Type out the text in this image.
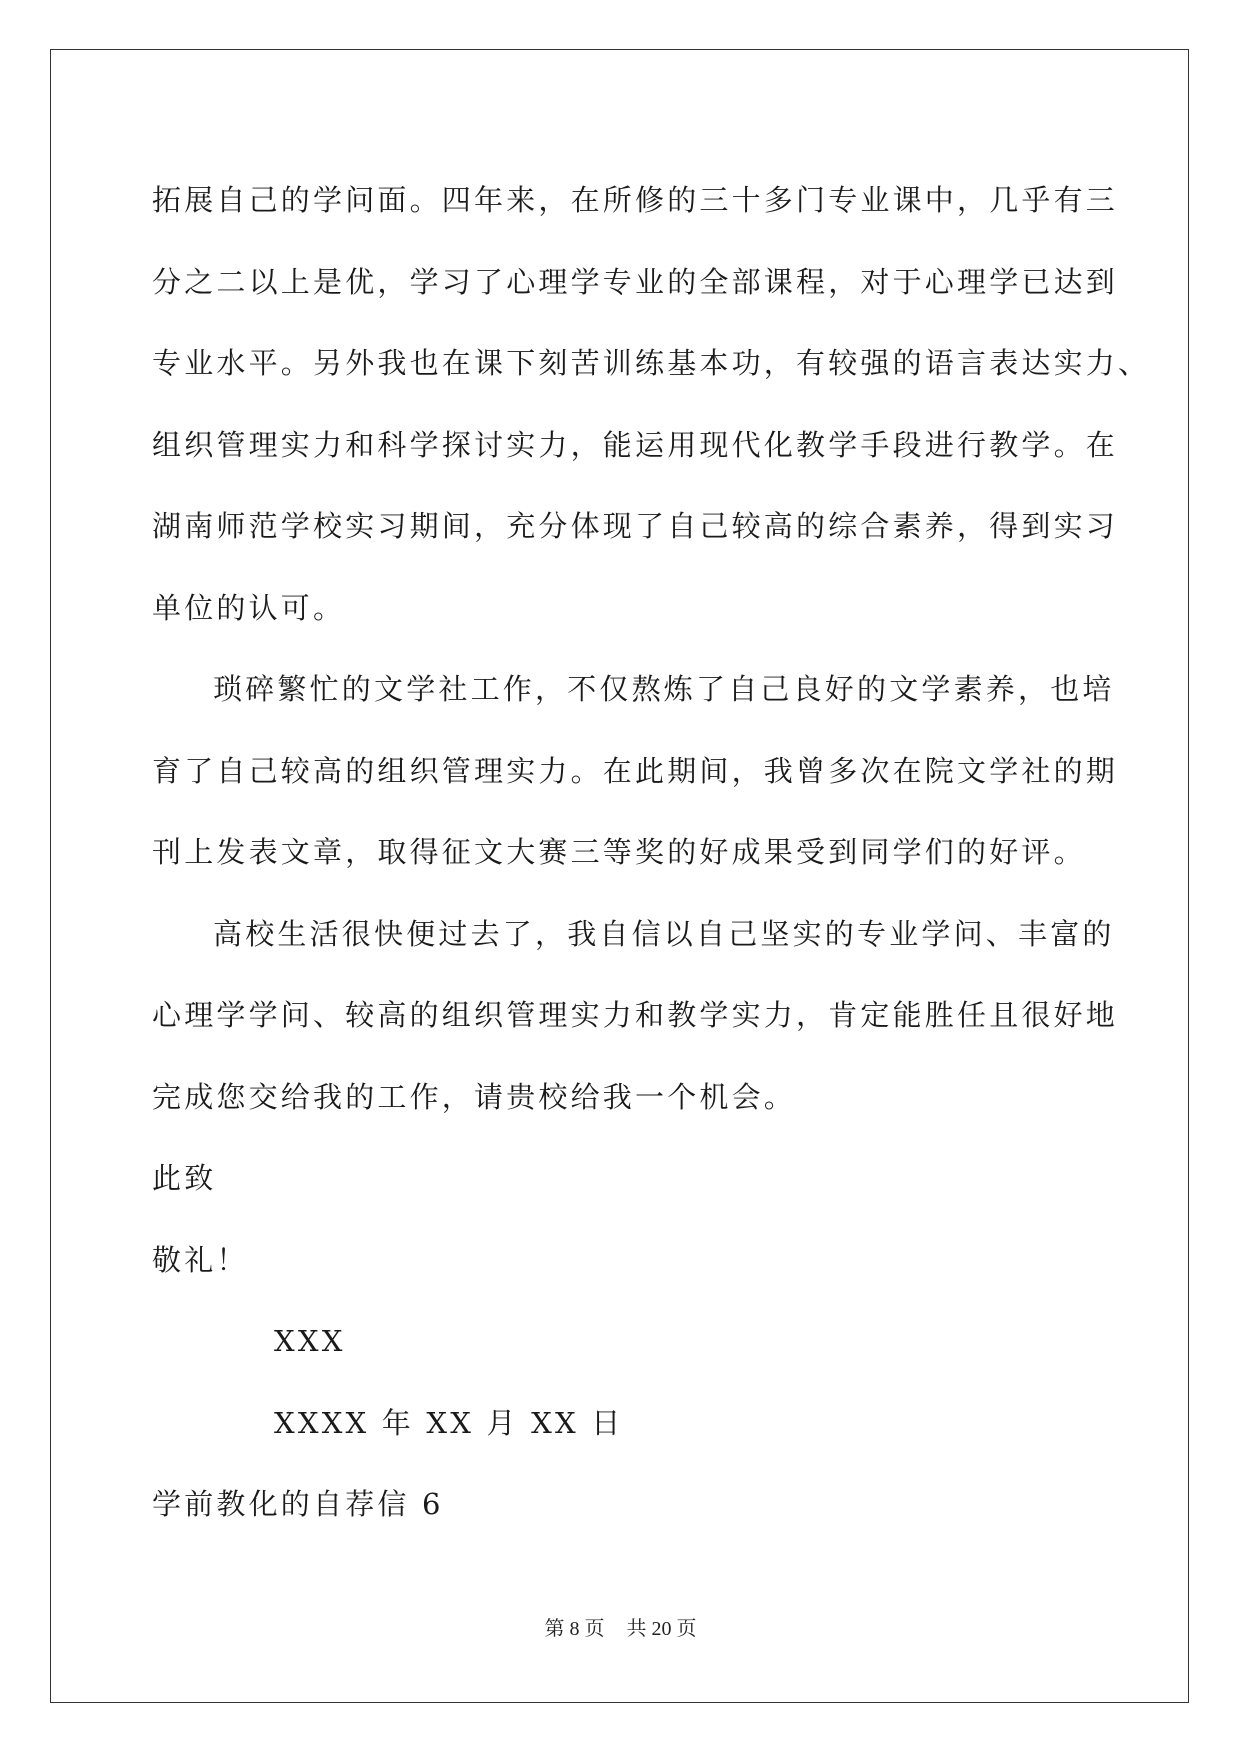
拓展自己的学问面。四年来，在所修的三十多门专业课中，几乎有三
分之二以上是优，学习了心理学专业的全部课程，对于心理学已达到
专业水平。另外我也在课下刻苦训练基本功，有较强的语言表达实力、
组织管理实力和科学探讨实力，能运用现代化教学手段进行教学。在
湖南师范学校实习期间，充分体现了自己较高的综合素养，得到实习
单位的认可。
琐碎繁忙的文学社工作，不仅熬炼了自己良好的文学素养，也培
育了自己较高的组织管理实力。在此期间，我曾多次在院文学社的期
刊上发表文章，取得征文大赛三等奖的好成果受到同学们的好评。
高校生活很快便过去了，我自信以自己坚实的专业学问、丰富的
心理学学问、较高的组织管理实力和教学实力，肯定能胜任且很好地
完成您交给我的工作，请贵校给我一个机会。
此致
敬礼！
XXX
XXXX 年 XX 月 XX 日
学前教化的自荐信 6
第 8 页 共 20 页
